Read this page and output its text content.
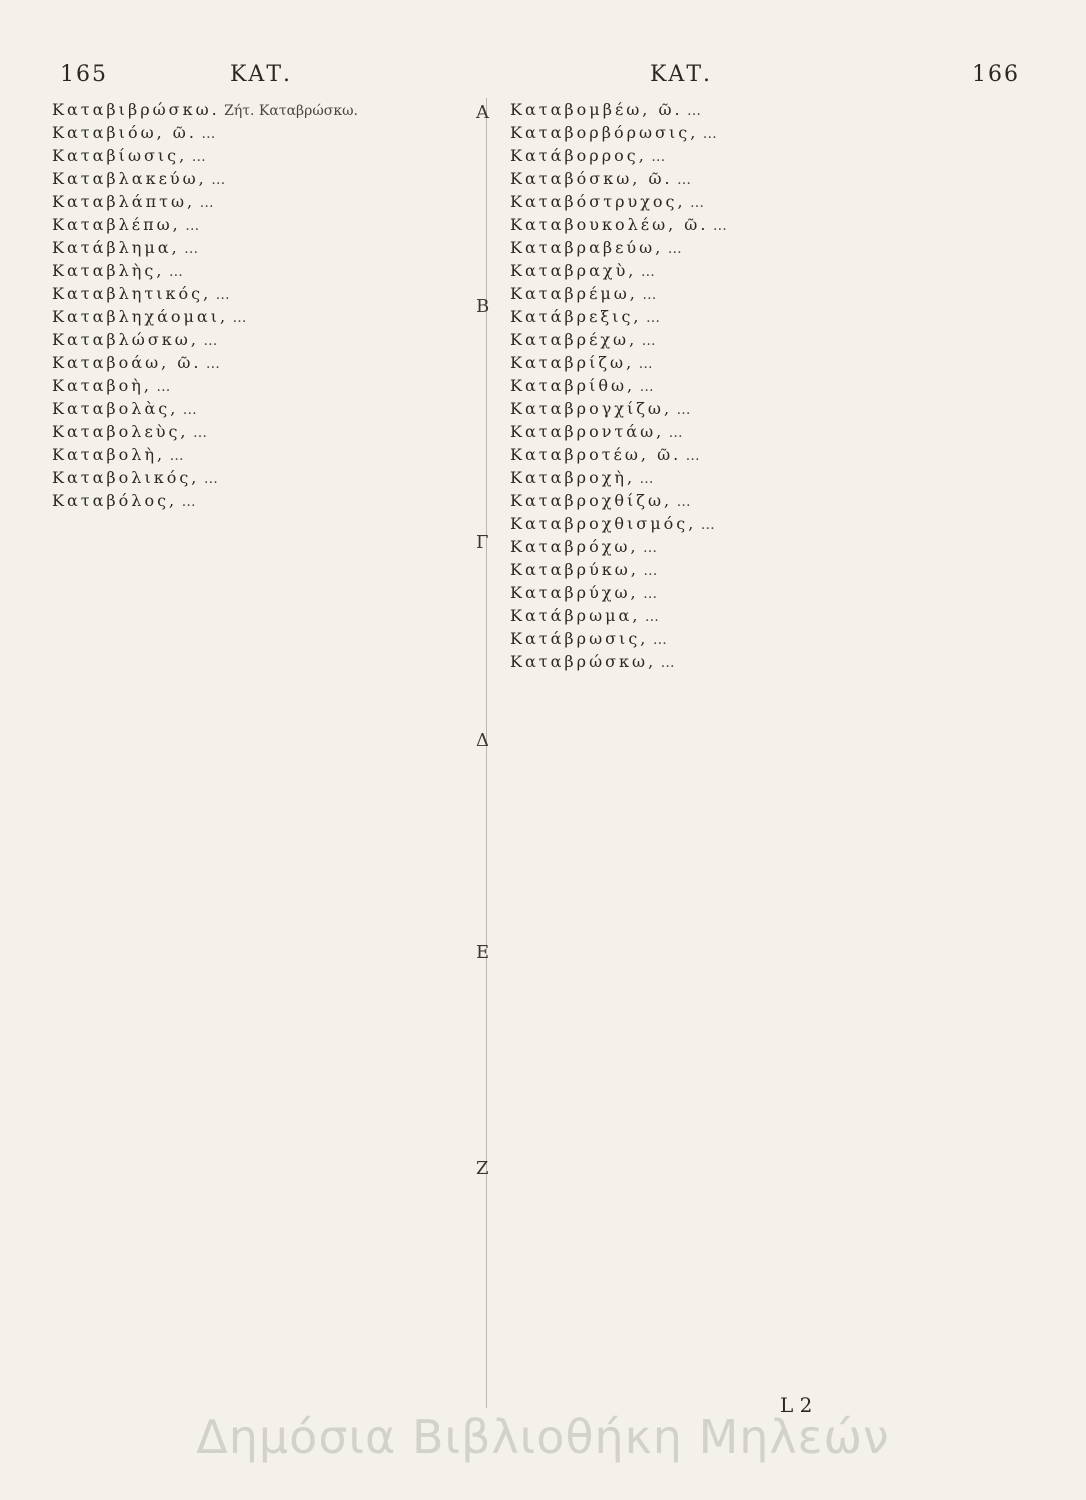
165	ΚΑΤ.	ΚΑΤ.	166
Α
Β
Γ
Δ
Ε
Ζ
Καταβιβρώσκω. Ζήτ. Καταβρώσκω.
Καταβιόω, ῶ. …
Καταβίωσις, …
Καταβλακεύω, …
Καταβλάπτω, …
Καταβλέπω, …
Κατάβλημα, …
Καταβλὴς, …
Καταβλητικός, …
Καταβληχάομαι, …
Καταβλώσκω, …
Καταβοάω, ῶ. …
Καταβοὴ, …
Καταβολὰς, …
Καταβολεὺς, …
Καταβολὴ, …
Καταβολικός, …
Καταβόλος, …
Καταβομβέω, ῶ. …
Καταβορβόρωσις, …
Κατάβορρος, …
Καταβόσκω, ῶ. …
Καταβόστρυχος, …
Καταβουκολέω, ῶ. …
Καταβραβεύω, …
Καταβραχὺ, …
Καταβρέμω, …
Κατάβρεξις, …
Καταβρέχω, …
Καταβρίζω, …
Καταβρίθω, …
Καταβρογχίζω, …
Καταβροντάω, …
Καταβροτέω, ῶ. …
Καταβροχὴ, …
Καταβροχθίζω, …
Καταβροχθισμός, …
Καταβρόχω, …
Καταβρύκω, …
Καταβρύχω, …
Κατάβρωμα, …
Κατάβρωσις, …
Καταβρώσκω, …
L 2
Δημόσια Βιβλιοθήκη Μηλεών
